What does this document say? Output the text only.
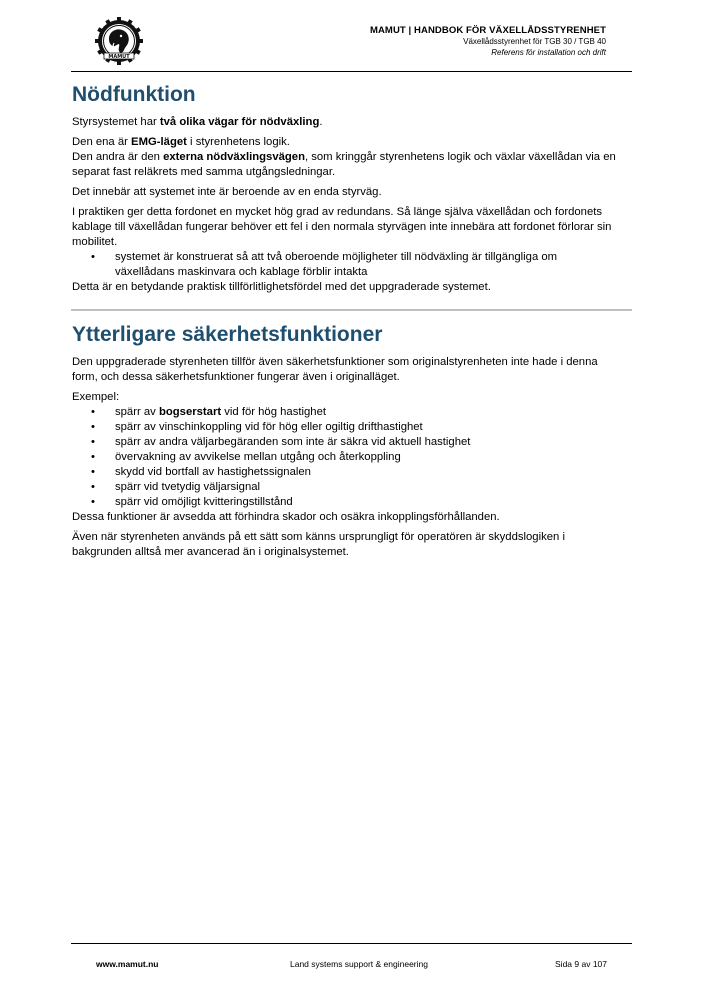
MAMUT
MAMUT | HANDBOK FÖR VÄXELLÅDSSTYRENHET
Växellådsstyrenhet för TGB 30 / TGB 40
Referens för installation och drift
Nödfunktion

Styrsystemet har två olika vägar för nödväxling.

Den ena är EMG-läget i styrenhetens logik.

Den andra är den externa nödväxlingsvägen, som kringgår styrenhetens logik och växlar växellådan via en separat fast reläkrets med samma utgångsledningar.

Det innebär att systemet inte är beroende av en enda styrväg.

I praktiken ger detta fordonet en mycket hög grad av redundans. Så länge själva växellådan och fordonets kablage till växellådan fungerar behöver ett fel i den normala styrvägen inte innebära att fordonet förlorar sin mobilitet.

• systemet är konstruerat så att två oberoende möjligheter till nödväxling är tillgängliga om växellådans maskinvara och kablage förblir intakta

Detta är en betydande praktisk tillförlitlighetsfördel med det uppgraderade systemet.

Ytterligare säkerhetsfunktioner

Den uppgraderade styrenheten tillför även säkerhetsfunktioner som originalstyrenheten inte hade i denna form, och dessa säkerhetsfunktioner fungerar även i originalläget.

Exempel:

• spärr av bogserstart vid för hög hastighet
• spärr av vinschinkoppling vid för hög eller ogiltig drifthastighet
• spärr av andra väljarbegäranden som inte är säkra vid aktuell hastighet
• övervakning av avvikelse mellan utgång och återkoppling
• skydd vid bortfall av hastighetssignalen
• spärr vid tvetydig väljarsignal
• spärr vid omöjligt kvitteringstillstånd

Dessa funktioner är avsedda att förhindra skador och osäkra inkopplingsförhållanden.

Även när styrenheten används på ett sätt som känns ursprungligt för operatören är skyddslogiken i bakgrunden alltså mer avancerad än i originalsystemet.

www.mamut.nu	Land systems support & engineering	Sida 9 av 107
